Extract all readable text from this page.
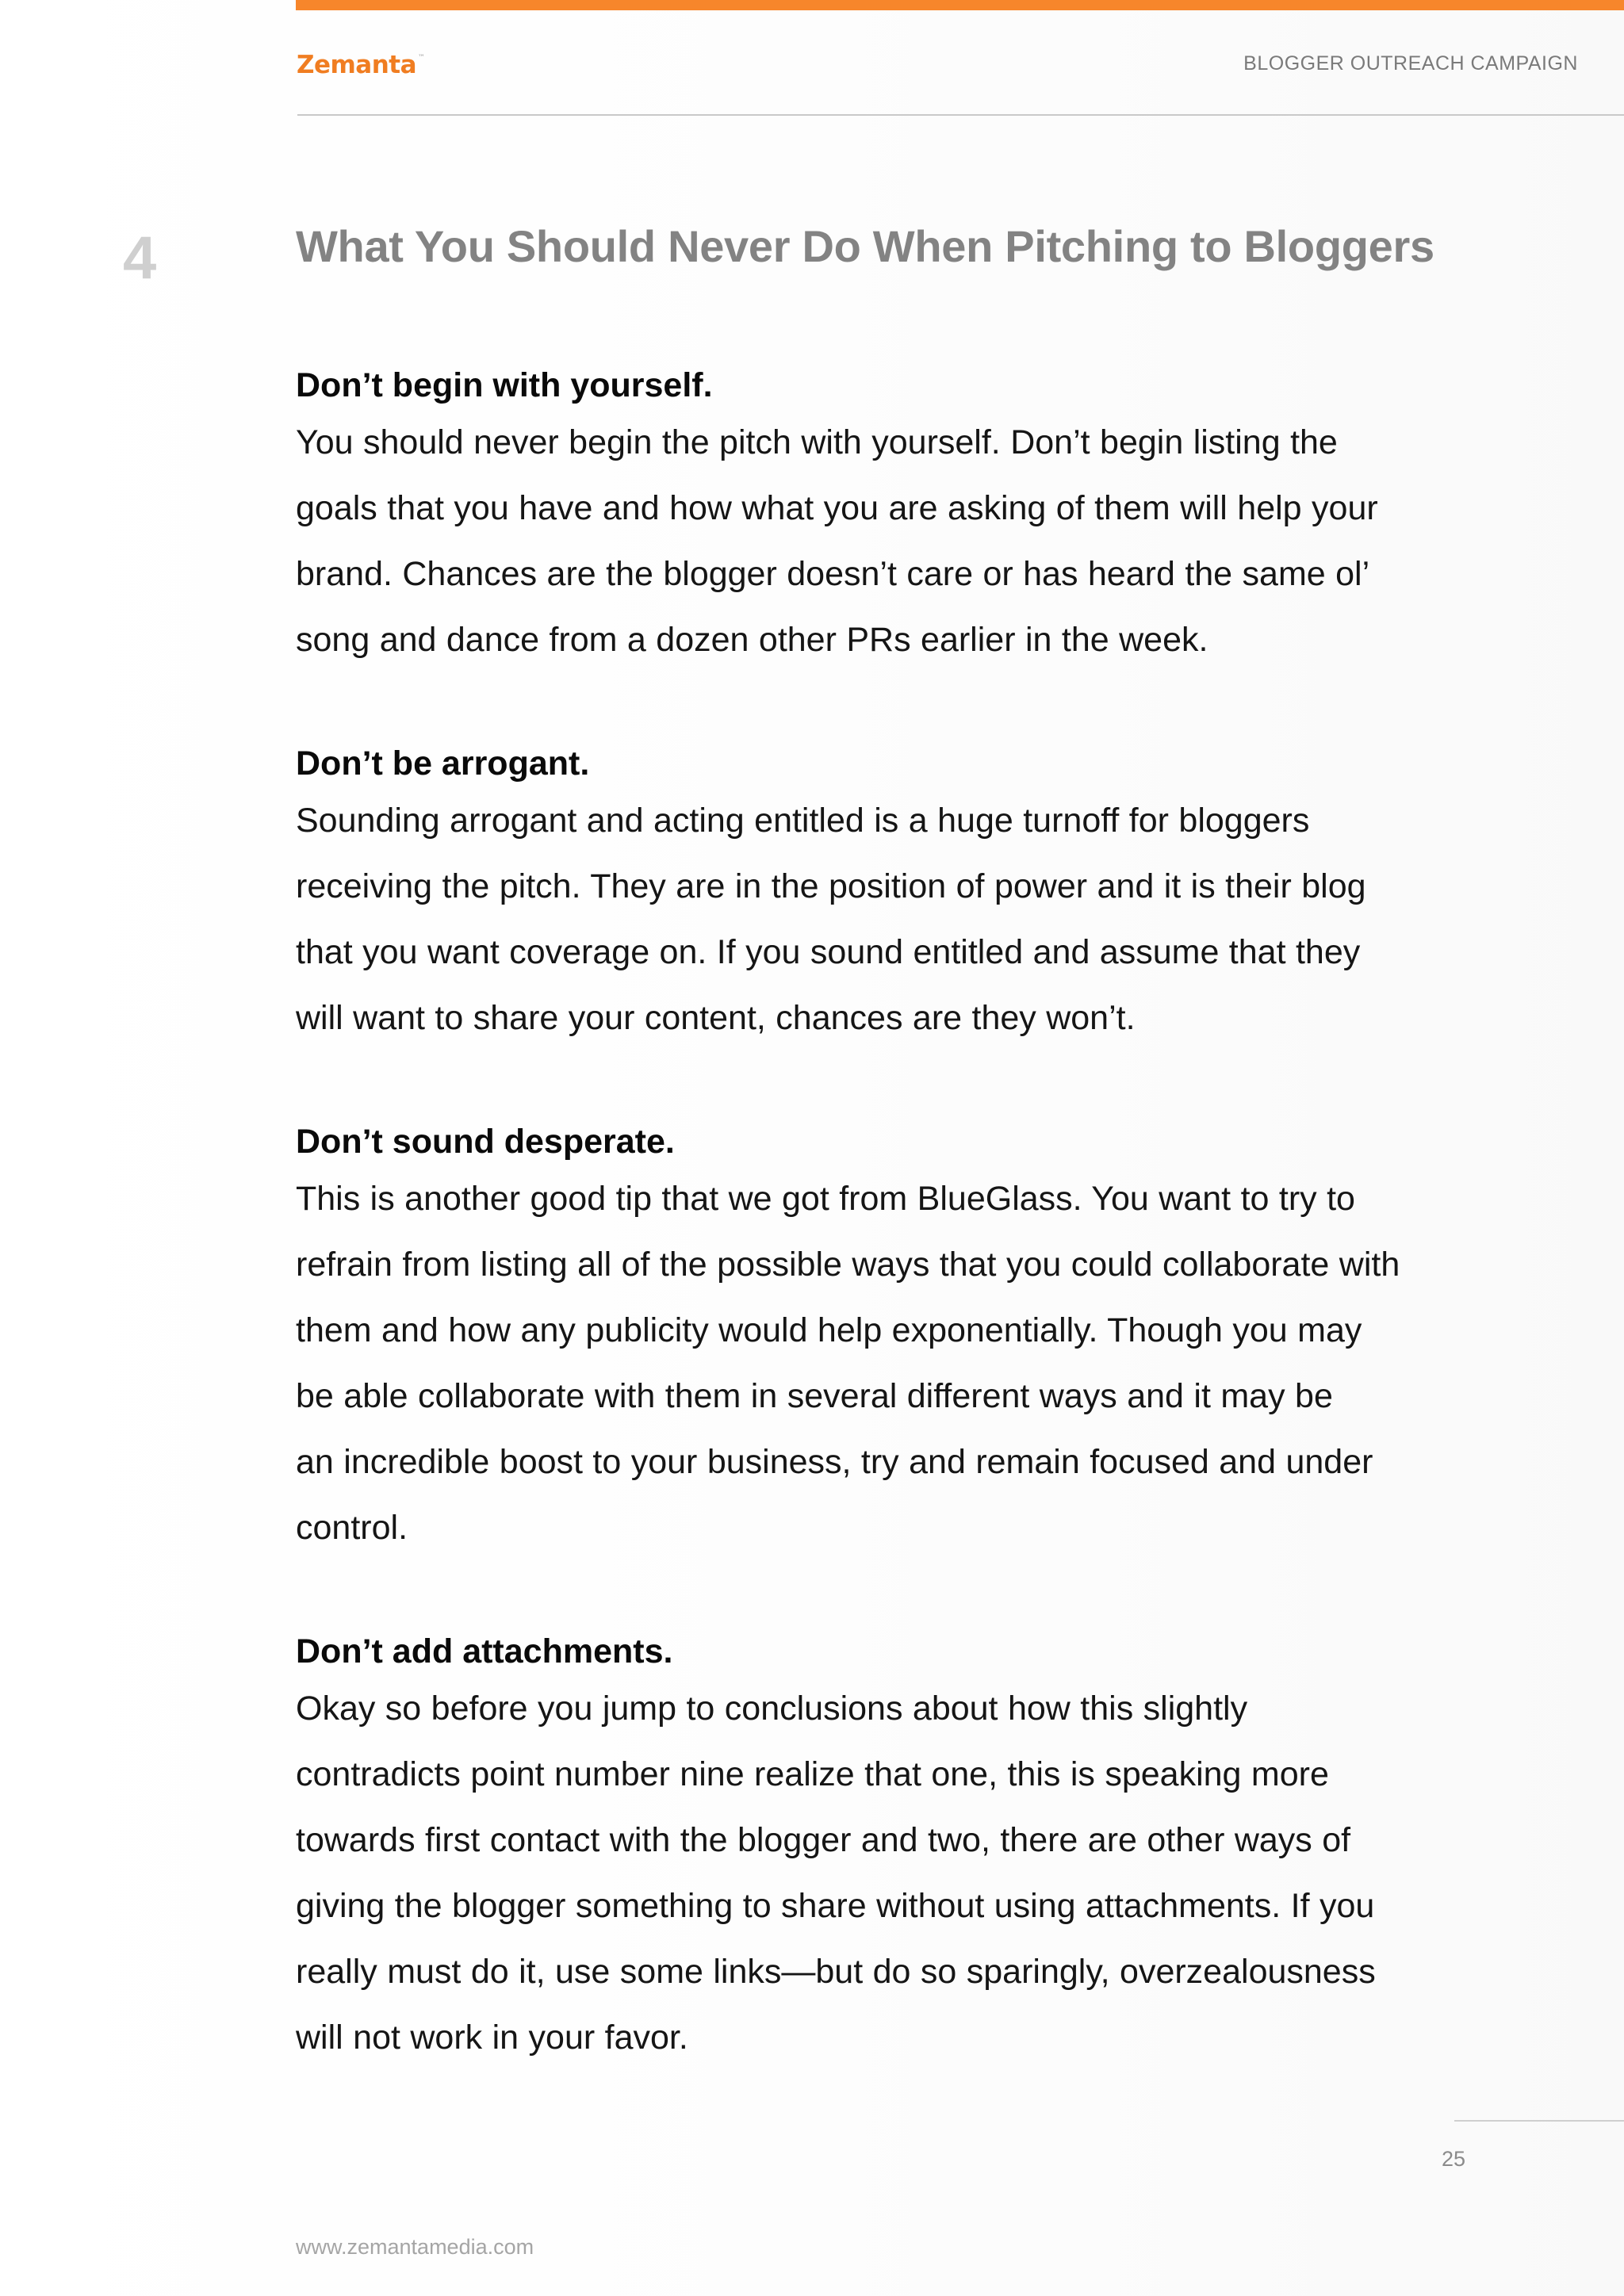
Zemanta ™	BLOGGER OUTREACH CAMPAIGN
4	What You Should Never Do When Pitching to Bloggers

Don’t begin with yourself.

You should never begin the pitch with yourself. Don’t begin listing the
goals that you have and how what you are asking of them will help your
brand. Chances are the blogger doesn’t care or has heard the same ol’
song and dance from a dozen other PRs earlier in the week.

Don’t be arrogant.

Sounding arrogant and acting entitled is a huge turnoff for bloggers
receiving the pitch. They are in the position of power and it is their blog
that you want coverage on. If you sound entitled and assume that they
will want to share your content, chances are they won’t.

Don’t sound desperate.

This is another good tip that we got from BlueGlass. You want to try to
refrain from listing all of the possible ways that you could collaborate with
them and how any publicity would help exponentially. Though you may
be able collaborate with them in several different ways and it may be
an incredible boost to your business, try and remain focused and under
control.

Don’t add attachments.

Okay so before you jump to conclusions about how this slightly
contradicts point number nine realize that one, this is speaking more
towards first contact with the blogger and two, there are other ways of
giving the blogger something to share without using attachments. If you
really must do it, use some links—but do so sparingly, overzealousness
will not work in your favor.

25
www.zemantamedia.com
